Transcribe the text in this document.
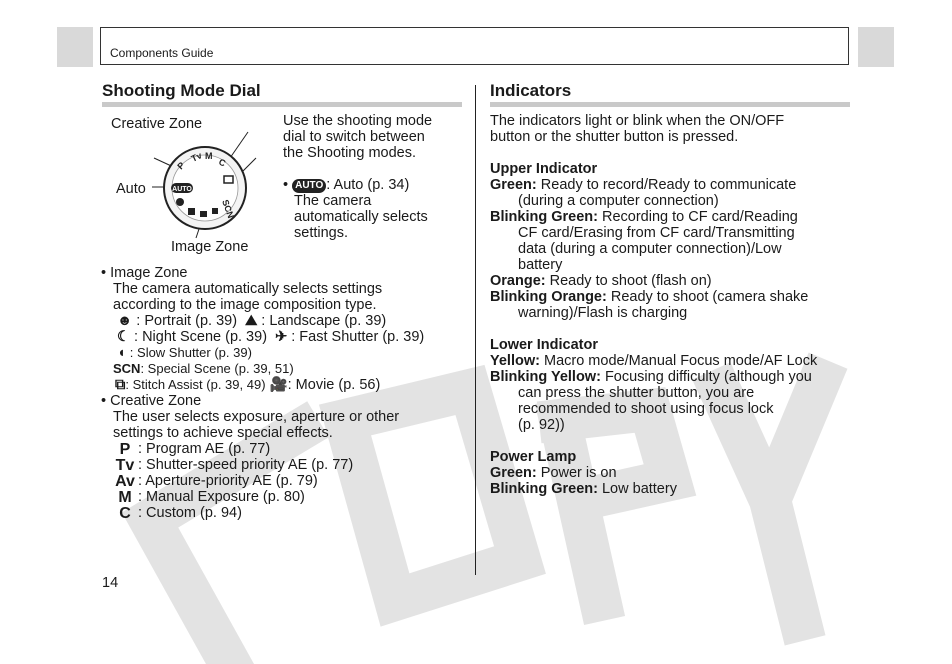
Components Guide
Shooting Mode Dial
Creative Zone
Auto
Image Zone
Tv M
C
P
SCN
AUTO
Use the shooting mode
dial to switch between
the Shooting modes.
• AUTO : Auto (p. 34)
The camera
automatically selects
settings.
• Image Zone
The camera automatically selects settings
according to the image composition type.
☻ : Portrait (p. 39) ⛰ : Landscape (p. 39)
☾ : Night Scene (p. 39) ✈ : Fast Shutter (p. 39)
◖ : Slow Shutter (p. 39)
SCN: Special Scene (p. 39, 51)
⧉: Stitch Assist (p. 39, 49) 🎥: Movie (p. 56)
• Creative Zone
The user selects exposure, aperture or other
settings to achieve special effects.
P : Program AE (p. 77)
Tv : Shutter-speed priority AE (p. 77)
Av : Aperture-priority AE (p. 79)
M : Manual Exposure (p. 80)
C : Custom (p. 94)
14
Indicators
The indicators light or blink when the ON/OFF
button or the shutter button is pressed.
Upper Indicator
Green: Ready to record/Ready to communicate
(during a computer connection)
Blinking Green: Recording to CF card/Reading
CF card/Erasing from CF card/Transmitting
data (during a computer connection)/Low
battery
Orange: Ready to shoot (flash on)
Blinking Orange: Ready to shoot (camera shake
warning)/Flash is charging
Lower Indicator
Yellow: Macro mode/Manual Focus mode/AF Lock
Blinking Yellow: Focusing difficulty (although you
can press the shutter button, you are
recommended to shoot using focus lock
(p. 92))
Power Lamp
Green: Power is on
Blinking Green: Low battery
